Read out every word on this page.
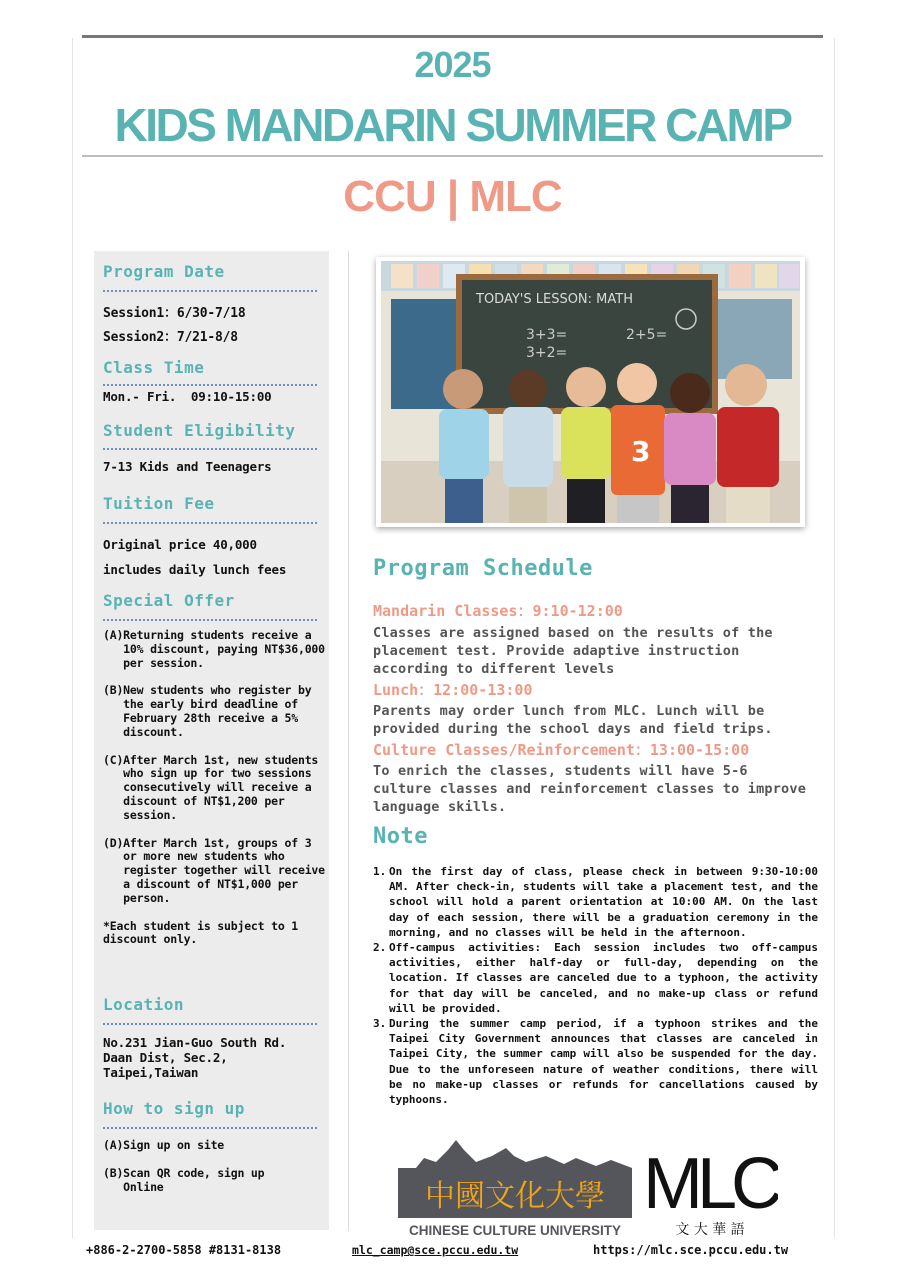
2025
KIDS MANDARIN SUMMER CAMP
CCU | MLC
Program Date
Session1：6/30-7/18
Session2：7/21-8/8
Class Time
Mon.- Fri.  09:10-15:00
Student Eligibility
7-13 Kids and Teenagers
Tuition Fee
Original price 40,000
includes daily lunch fees
Special Offer
(A) Returning students receive a 10% discount, paying NT$36,000 per session.
(B) New students who register by the early bird deadline of February 28th receive a 5% discount.
(C) After March 1st, new students who sign up for two sessions consecutively will receive a discount of NT$1,200 per session.
(D) After March 1st, groups of 3 or more new students who register together will receive a discount of NT$1,000 per person.
*Each student is subject to 1 discount only.
Location
No.231 Jian-Guo South Rd.
Daan Dist, Sec.2,
Taipei,Taiwan
How to sign up
(A) Sign up on site
(B) Scan QR code, sign up Online
TODAY'S LESSON: MATH
3+3=
3+2=
2+5=
3
Program Schedule
Mandarin Classes：9:10-12:00
Classes are assigned based on the results of the placement test. Provide adaptive instruction according to different levels
Lunch：12:00-13:00
Parents may order lunch from MLC. Lunch will be provided during the school days and field trips.
Culture Classes/Reinforcement：13:00-15:00
To enrich the classes, students will have 5-6 culture classes and reinforcement classes to improve language skills.
Note
1. On the first day of class, please check in between 9:30-10:00 AM. After check-in, students will take a placement test, and the school will hold a parent orientation at 10:00 AM. On the last day of each session, there will be a graduation ceremony in the morning, and no classes will be held in the afternoon.
2. Off-campus activities: Each session includes two off-campus activities, either half-day or full-day, depending on the location. If classes are canceled due to a typhoon, the activity for that day will be canceled, and no make-up class or refund will be provided.
3. During the summer camp period, if a typhoon strikes and the Taipei City Government announces that classes are canceled in Taipei City, the summer camp will also be suspended for the day. Due to the unforeseen nature of weather conditions, there will be no make-up classes or refunds for cancellations caused by typhoons.
中國文化大學
CHINESE CULTURE UNIVERSITY
MLC
文 大 華 語
+886-2-2700-5858 #8131-8138	mlc_camp@sce.pccu.edu.tw	https://mlc.sce.pccu.edu.tw
